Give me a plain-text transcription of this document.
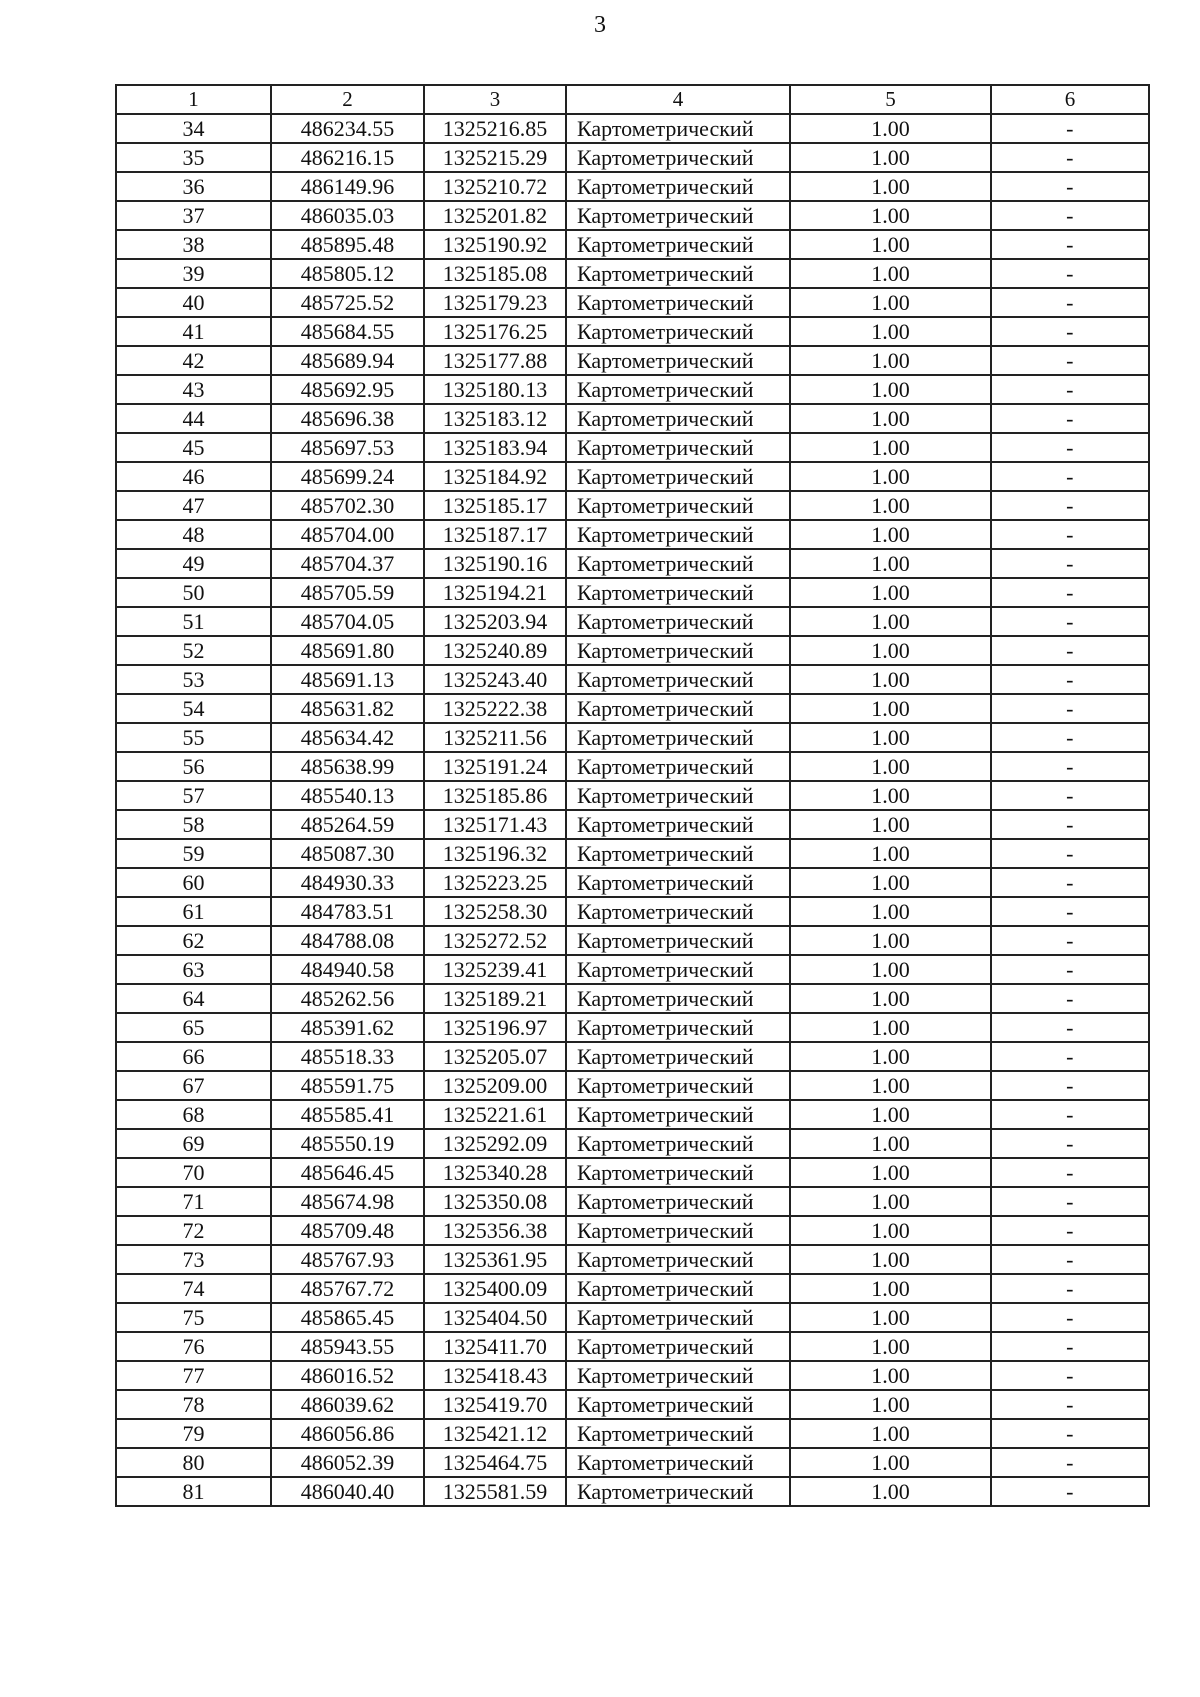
3
1	2	3	4	5	6
34	486234.55	1325216.85	Картометрический	1.00	-
35	486216.15	1325215.29	Картометрический	1.00	-
36	486149.96	1325210.72	Картометрический	1.00	-
37	486035.03	1325201.82	Картометрический	1.00	-
38	485895.48	1325190.92	Картометрический	1.00	-
39	485805.12	1325185.08	Картометрический	1.00	-
40	485725.52	1325179.23	Картометрический	1.00	-
41	485684.55	1325176.25	Картометрический	1.00	-
42	485689.94	1325177.88	Картометрический	1.00	-
43	485692.95	1325180.13	Картометрический	1.00	-
44	485696.38	1325183.12	Картометрический	1.00	-
45	485697.53	1325183.94	Картометрический	1.00	-
46	485699.24	1325184.92	Картометрический	1.00	-
47	485702.30	1325185.17	Картометрический	1.00	-
48	485704.00	1325187.17	Картометрический	1.00	-
49	485704.37	1325190.16	Картометрический	1.00	-
50	485705.59	1325194.21	Картометрический	1.00	-
51	485704.05	1325203.94	Картометрический	1.00	-
52	485691.80	1325240.89	Картометрический	1.00	-
53	485691.13	1325243.40	Картометрический	1.00	-
54	485631.82	1325222.38	Картометрический	1.00	-
55	485634.42	1325211.56	Картометрический	1.00	-
56	485638.99	1325191.24	Картометрический	1.00	-
57	485540.13	1325185.86	Картометрический	1.00	-
58	485264.59	1325171.43	Картометрический	1.00	-
59	485087.30	1325196.32	Картометрический	1.00	-
60	484930.33	1325223.25	Картометрический	1.00	-
61	484783.51	1325258.30	Картометрический	1.00	-
62	484788.08	1325272.52	Картометрический	1.00	-
63	484940.58	1325239.41	Картометрический	1.00	-
64	485262.56	1325189.21	Картометрический	1.00	-
65	485391.62	1325196.97	Картометрический	1.00	-
66	485518.33	1325205.07	Картометрический	1.00	-
67	485591.75	1325209.00	Картометрический	1.00	-
68	485585.41	1325221.61	Картометрический	1.00	-
69	485550.19	1325292.09	Картометрический	1.00	-
70	485646.45	1325340.28	Картометрический	1.00	-
71	485674.98	1325350.08	Картометрический	1.00	-
72	485709.48	1325356.38	Картометрический	1.00	-
73	485767.93	1325361.95	Картометрический	1.00	-
74	485767.72	1325400.09	Картометрический	1.00	-
75	485865.45	1325404.50	Картометрический	1.00	-
76	485943.55	1325411.70	Картометрический	1.00	-
77	486016.52	1325418.43	Картометрический	1.00	-
78	486039.62	1325419.70	Картометрический	1.00	-
79	486056.86	1325421.12	Картометрический	1.00	-
80	486052.39	1325464.75	Картометрический	1.00	-
81	486040.40	1325581.59	Картометрический	1.00	-
